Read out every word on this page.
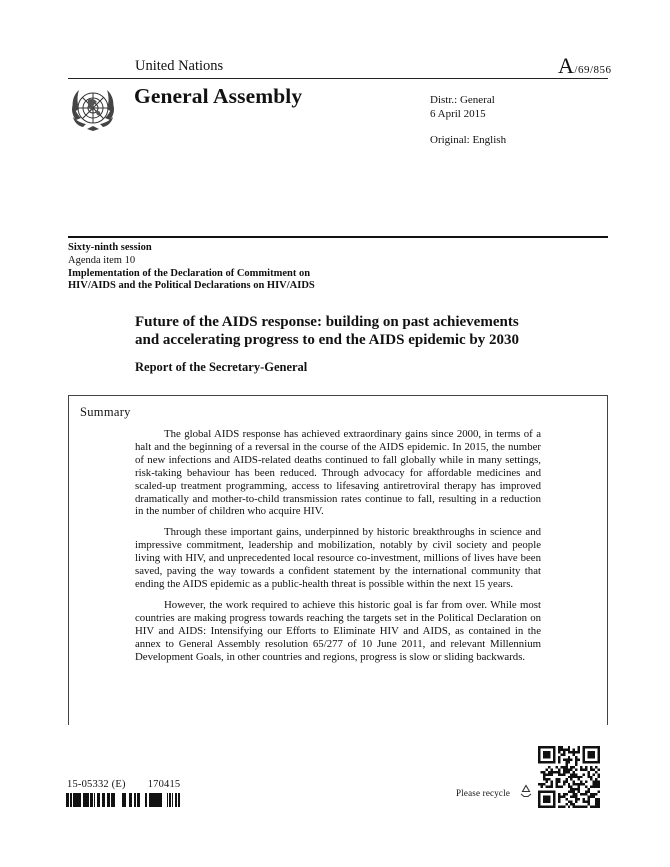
United Nations	A/69/856
General Assembly	Distr.: General
6 April 2015
Original: English
Sixty-ninth session
Agenda item 10
Implementation of the Declaration of Commitment on
HIV/AIDS and the Political Declarations on HIV/AIDS
Future of the AIDS response: building on past achievements
and accelerating progress to end the AIDS epidemic by 2030
Report of the Secretary-General
Summary

The global AIDS response has achieved extraordinary gains since 2000, in terms of a halt and the beginning of a reversal in the course of the AIDS epidemic. In 2015, the number of new infections and AIDS-related deaths continued to fall globally while in many settings, risk-taking behaviour has been reduced. Through advocacy for affordable medicines and scaled-up treatment programming, access to lifesaving antiretroviral therapy has improved dramatically and mother-to-child transmission rates continue to fall, resulting in a reduction in the number of children who acquire HIV.

Through these important gains, underpinned by historic breakthroughs in science and impressive commitment, leadership and mobilization, notably by civil society and people living with HIV, and unprecedented local resource co-investment, millions of lives have been saved, paving the way towards a confident statement by the international community that ending the AIDS epidemic as a public-health threat is possible within the next 15 years.

However, the work required to achieve this historic goal is far from over. While most countries are making progress towards reaching the targets set in the Political Declaration on HIV and AIDS: Intensifying our Efforts to Eliminate HIV and AIDS, as contained in the annex to General Assembly resolution 65/277 of 10 June 2011, and relevant Millennium Development Goals, in other countries and regions, progress is slow or sliding backwards.

15-05332 (E) 170415
Please recycle
